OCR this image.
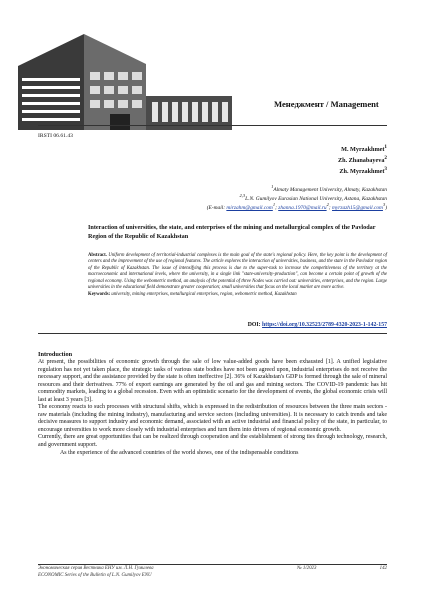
Менеджмент / Management
IRSTI 06.61.43
M. Myrzakhmet$^1$
Zh. Zhanabayeva$^2$
Zh. Myrzakhmet$^3$
$^1$Almaty Management University, Almaty, Kazakhstan
$^{2,3}$L.N. Gumilyov Eurasian National University, Astana, Kazakhstan
(E-mail: mirzahm@gmail.com$^1$; $zhanna.1970@mail.ru^2$; myrzazh15@gmail.com$^3$)
Interaction of universities, the state, and enterprises of the mining and metallurgical complex of the Pavlodar Region of the Republic of Kazakhstan
Abstract. Uniform development of territorial-industrial complexes is the main goal of the state's regional policy. Here, the key point is the development of centers and the improvement of the use of regional features. The article explores the interaction of universities, business, and the state in the Pavlodar region of the Republic of Kazakhstan. The issue of intensifying this process is due to the super-task to increase the competitiveness of the territory at the macroeconomic and international levels, where the university, in a single link "state-university-production", can become a certain point of growth of the regional economy. Using the webometric method, an analysis of the potential of three Nodes was carried out: universities, enterprises, and the region. Large universities in the educational field demonstrate greater cooperation; small universities that focus on the local market are more active.
Keywords: university, mining enterprises, metallurgical enterprises, region, webometric method, Kazakhstan
DOI: https://doi.org/10.32523/2789-4320-2023-1-142-157
Introduction

At present, the possibilities of economic growth through the sale of low value-added goods have been exhausted [1]. A unified legislative regulation has not yet taken place, the strategic tasks of various state bodies have not been agreed upon, industrial enterprises do not receive the necessary support, and the assistance provided by the state is often ineffective [2]. 36% of Kazakhstan's GDP is formed through the sale of mineral resources and their derivatives. 77% of export earnings are generated by the oil and gas and mining sectors. The COVID-19 pandemic has hit commodity markets, leading to a global recession. Even with an optimistic scenario for the development of events, the global economic crisis will last at least 3 years [3].

The economy reacts to such processes with structural shifts, which is expressed in the redistribution of resources between the three main sectors - raw materials (including the mining industry), manufacturing and service sectors (including universities). It is necessary to catch trends and take decisive measures to support industry and economic demand, associated with an active industrial and financial policy of the state, in particular, to encourage universities to work more closely with industrial enterprises and turn them into drivers of regional economic growth.

Currently, there are great opportunities that can be realized through cooperation and the establishment of strong ties through technology, research, and government support.

As the experience of the advanced countries of the world shows, one of the indispensable conditions

Экономическая серия Вестника ЕНУ им. Л.Н. Гумилева
ECONOMIC Series of the Bulletin of L.N. Gumilyov ENU
№ 1/2023	142
